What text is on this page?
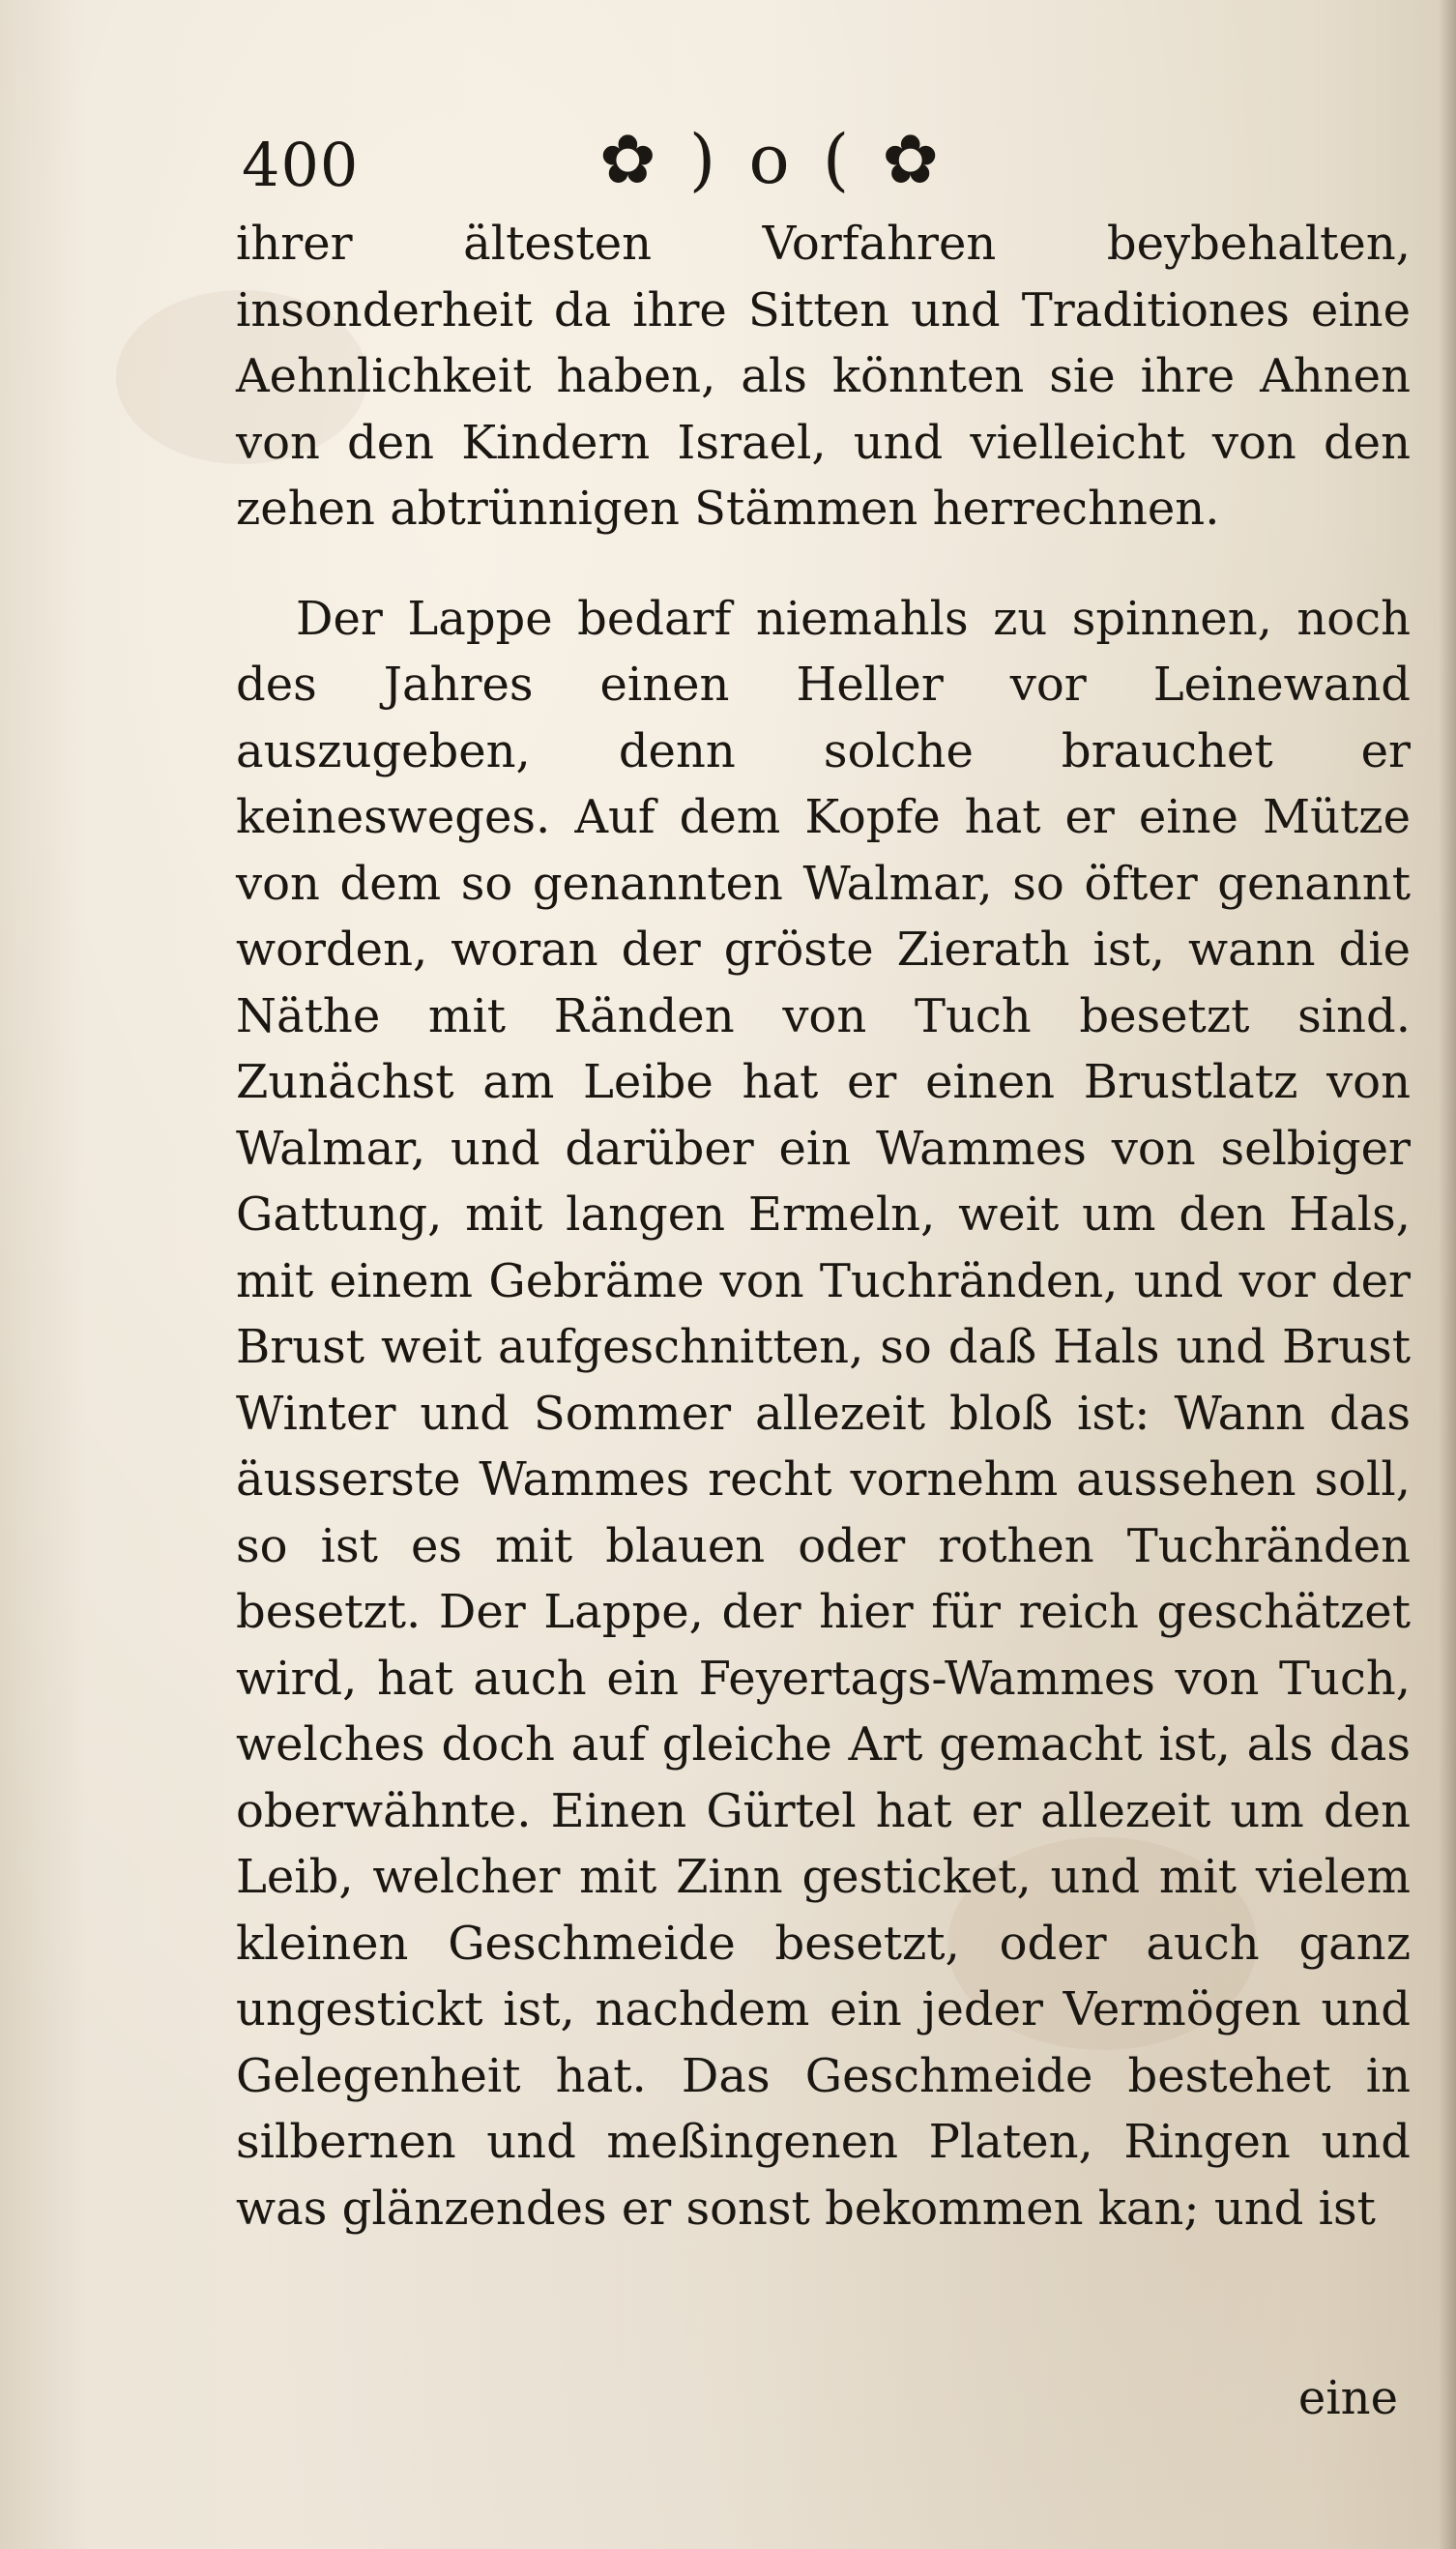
400	✿ ) o ( ✿

ihrer ältesten Vorfahren beybehalten, insonderheit da ihre Sitten und Traditiones eine Aehnlichkeit haben, als könnten sie ihre Ahnen von den Kindern Israel, und vielleicht von den zehen abtrünnigen Stämmen herrechnen.

Der Lappe bedarf niemahls zu spinnen, noch des Jahres einen Heller vor Leinewand auszugeben, denn solche brauchet er keinesweges. Auf dem Kopfe hat er eine Mütze von dem so genannten Walmar, so öfter genannt worden, woran der gröste Zierath ist, wann die Näthe mit Ränden von Tuch besetzt sind. Zunächst am Leibe hat er einen Brustlatz von Walmar, und darüber ein Wammes von selbiger Gattung, mit langen Ermeln, weit um den Hals, mit einem Gebräme von Tuchränden, und vor der Brust weit aufgeschnitten, so daß Hals und Brust Winter und Sommer allezeit bloß ist: Wann das äusserste Wammes recht vornehm aussehen soll, so ist es mit blauen oder rothen Tuchränden besetzt. Der Lappe, der hier für reich geschätzet wird, hat auch ein Feyertags-Wammes von Tuch, welches doch auf gleiche Art gemacht ist, als das oberwähnte. Einen Gürtel hat er allezeit um den Leib, welcher mit Zinn gesticket, und mit vielem kleinen Geschmeide besetzt, oder auch ganz ungestickt ist, nachdem ein jeder Vermögen und Gelegenheit hat. Das Geschmeide bestehet in silbernen und meßingenen Platen, Ringen und was glänzendes er sonst bekommen kan; und ist

eine
